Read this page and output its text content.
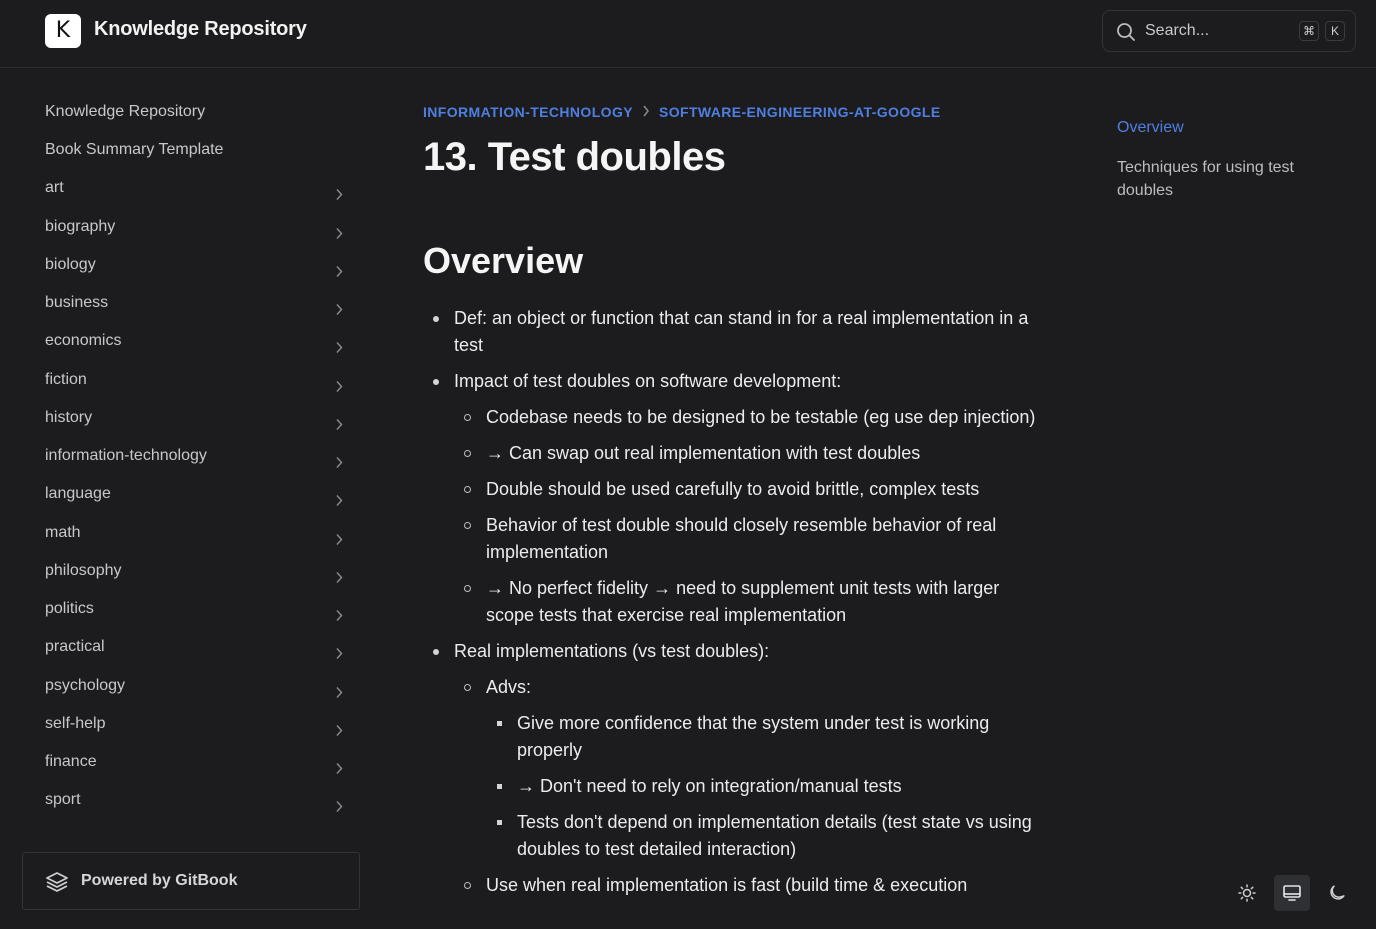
K	Knowledge Repository	Search...	⌘	K
Knowledge Repository
Book Summary Template
art
biography
biology
business
economics
fiction
history
information-technology
language
math
philosophy
politics
practical
psychology
self-help
finance
sport
Powered by GitBook
INFORMATION-TECHNOLOGY SOFTWARE-ENGINEERING-AT-GOOGLE
13. Test doubles
Overview
Def: an object or function that can stand in for a real implementation in a test
Impact of test doubles on software development:
Codebase needs to be designed to be testable (eg use dep injection)
→ Can swap out real implementation with test doubles
Double should be used carefully to avoid brittle, complex tests
Behavior of test double should closely resemble behavior of real implementation
→ No perfect fidelity → need to supplement unit tests with larger scope tests that exercise real implementation
Real implementations (vs test doubles):
Advs:
Give more confidence that the system under test is working properly
→ Don't need to rely on integration/manual tests
Tests don't depend on implementation details (test state vs using doubles to test detailed interaction)
Use when real implementation is fast (build time & execution
Overview
Techniques for using test doubles
